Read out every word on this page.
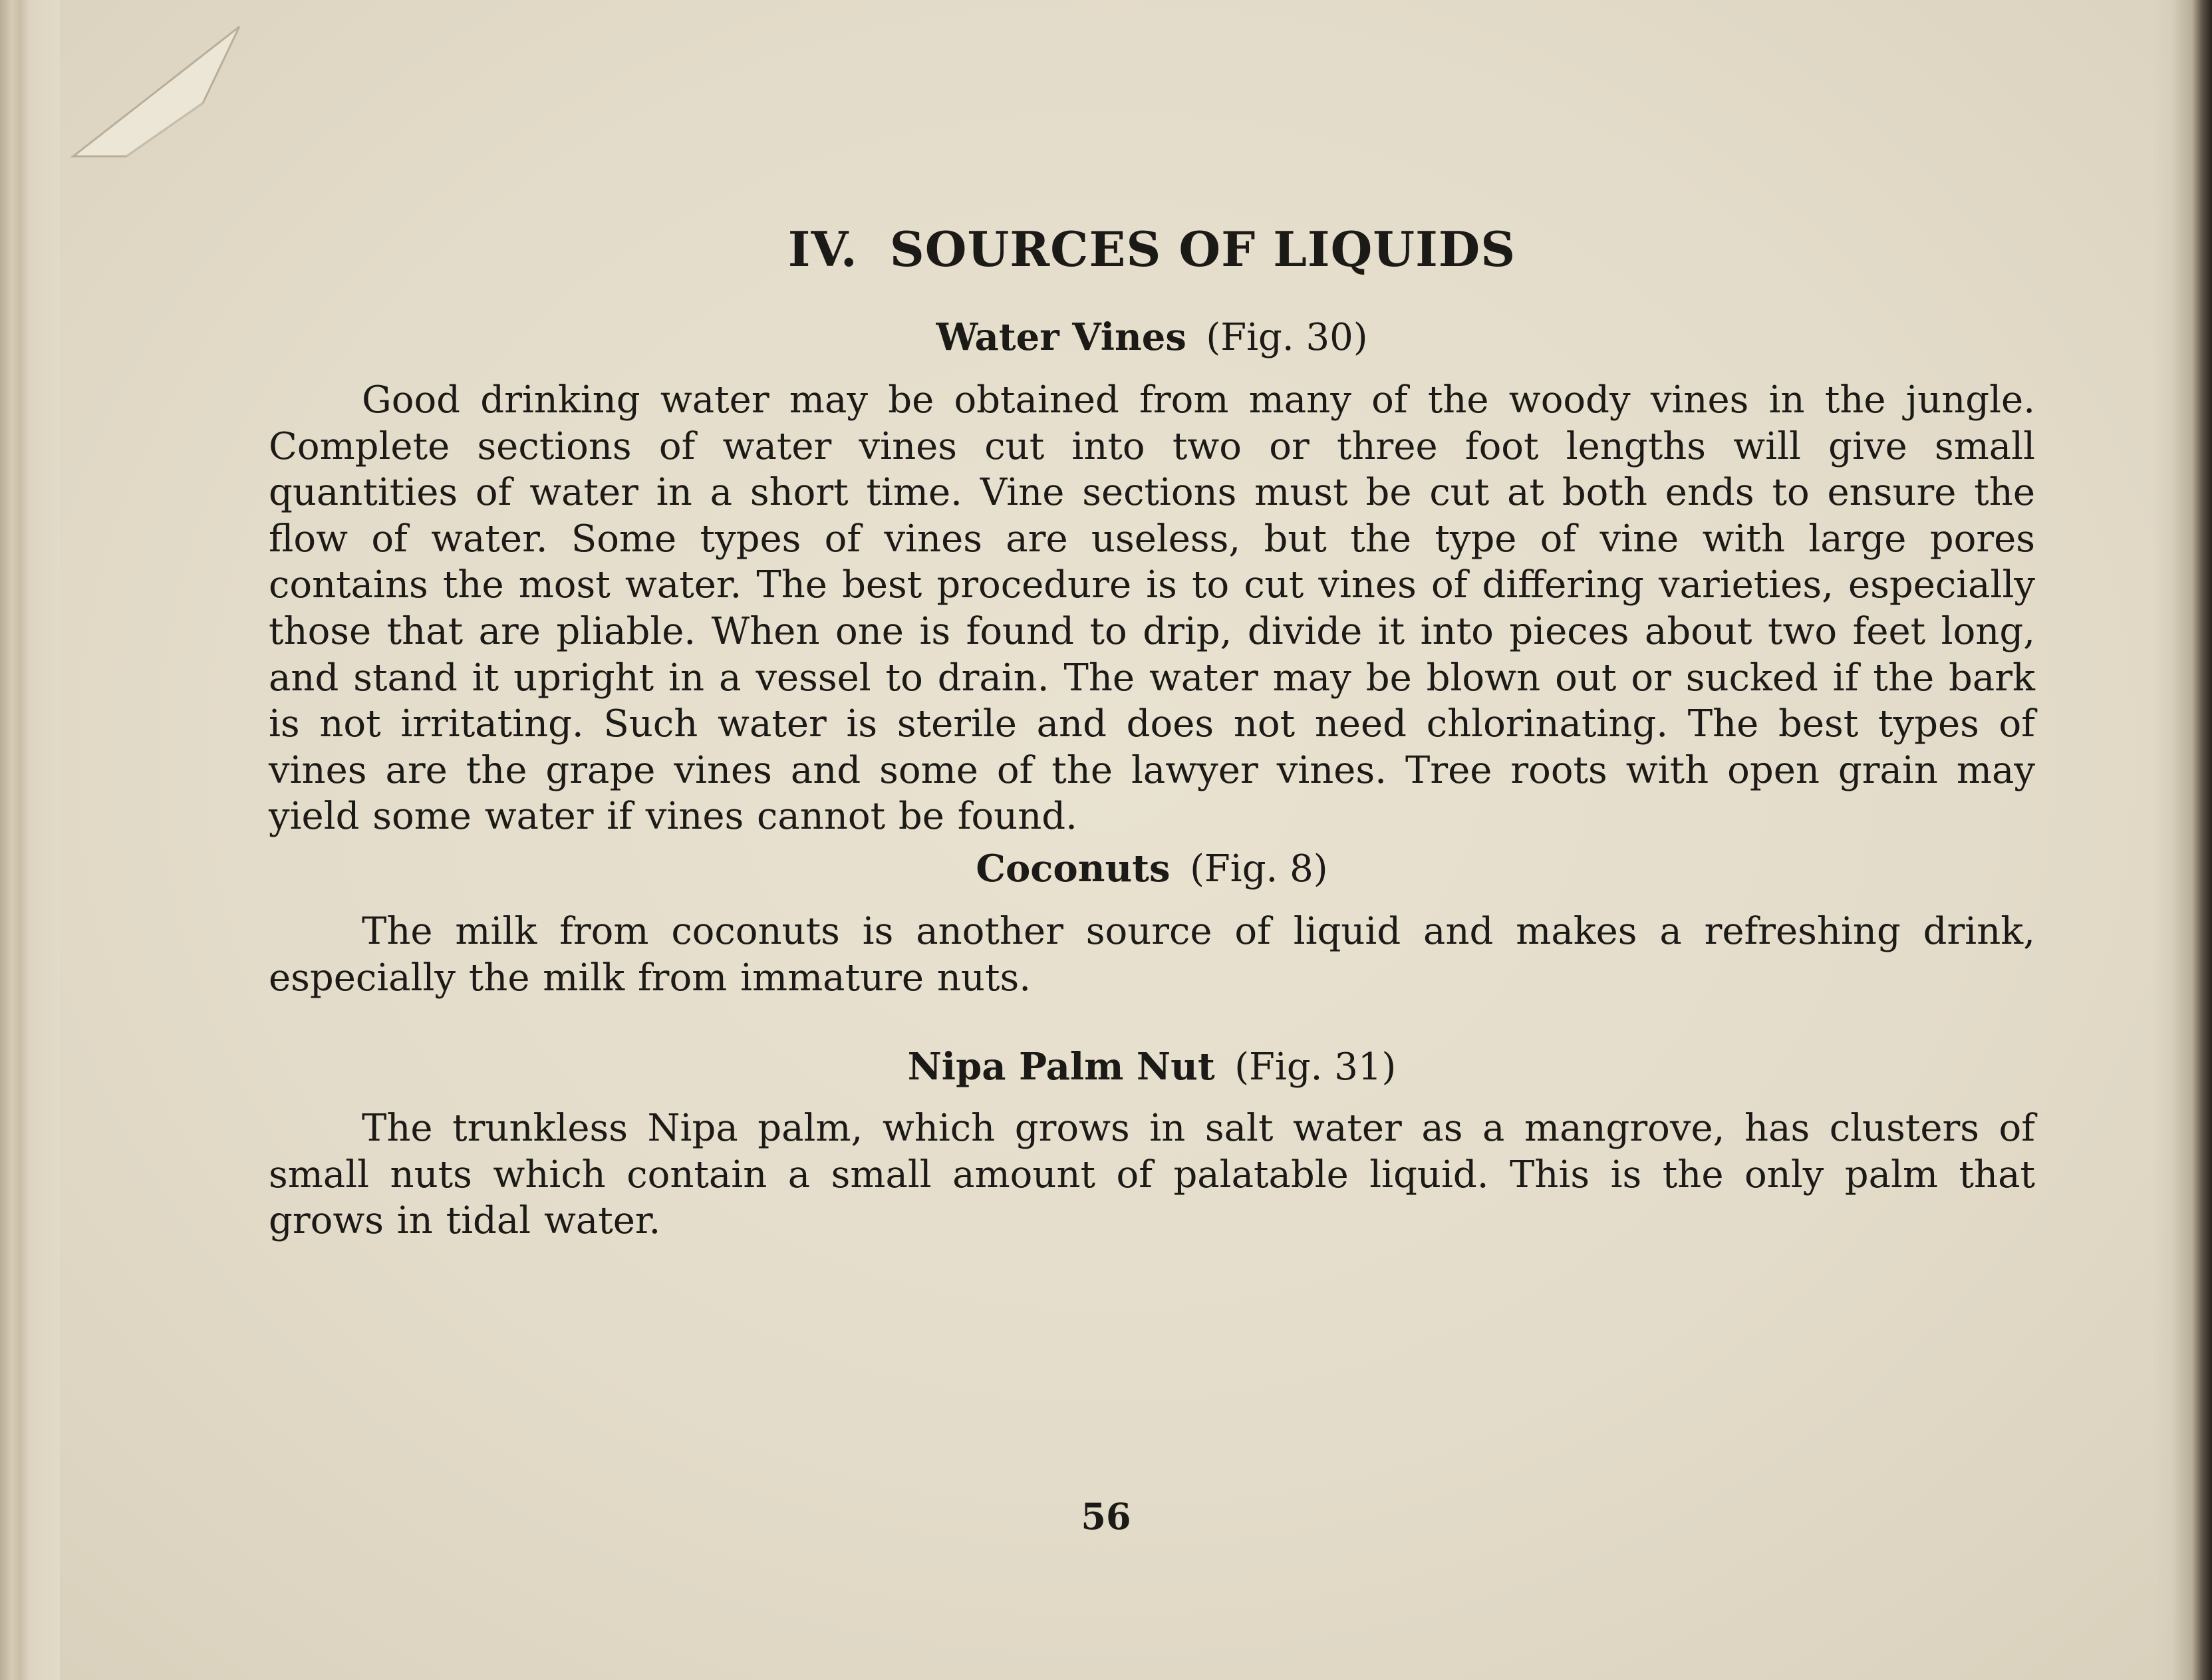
IV. SOURCES OF LIQUIDS
Water Vines (Fig. 30)

Good drinking water may be obtained from many of the woody vines in the jungle. Complete sections of water vines cut into two or three foot lengths will give small quantities of water in a short time. Vine sections must be cut at both ends to ensure the flow of water. Some types of vines are useless, but the type of vine with large pores contains the most water. The best procedure is to cut vines of differing varieties, especially those that are pliable. When one is found to drip, divide it into pieces about two feet long, and stand it upright in a vessel to drain. The water may be blown out or sucked if the bark is not irritating. Such water is sterile and does not need chlorinating. The best types of vines are the grape vines and some of the lawyer vines. Tree roots with open grain may yield some water if vines cannot be found.

Coconuts (Fig. 8)

The milk from coconuts is another source of liquid and makes a refreshing drink, especially the milk from immature nuts.

Nipa Palm Nut (Fig. 31)

The trunkless Nipa palm, which grows in salt water as a mangrove, has clusters of small nuts which contain a small amount of palatable liquid. This is the only palm that grows in tidal water.

56
